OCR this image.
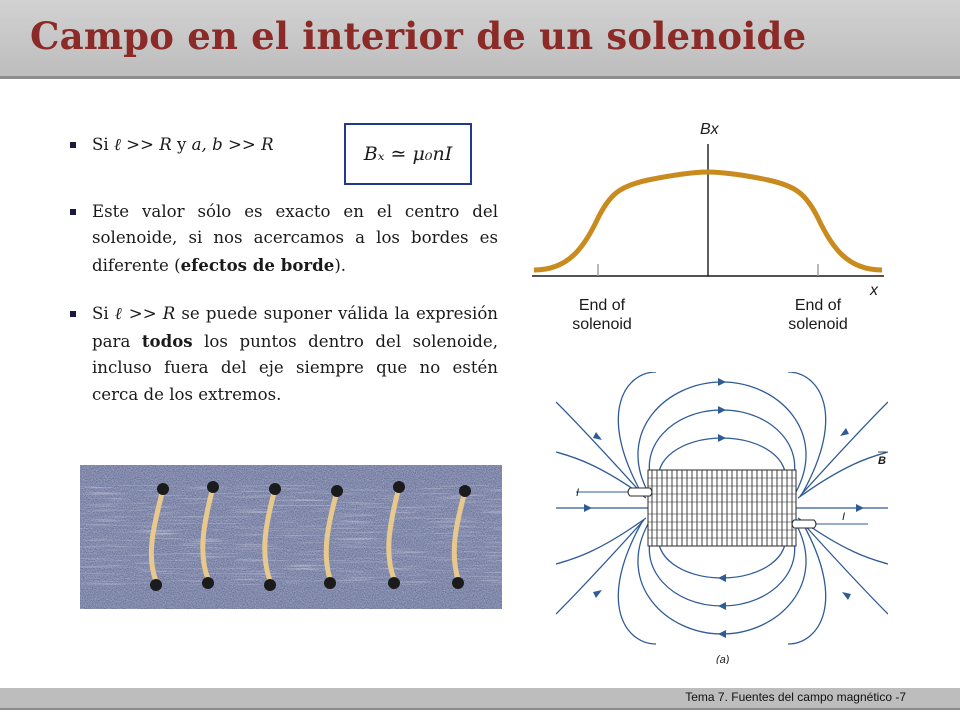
Campo en el interior de un solenoide
Si ℓ >> R y a, b >> R
Este valor sólo es exacto en el centro del solenoide, si nos acercamos a los bordes es diferente (efectos de borde).
Si ℓ >> R se puede suponer válida la expresión para todos los puntos dentro del solenoide, incluso fuera del eje siempre que no estén cerca de los extremos.
Bₓ ≃ μ₀nI
Bx
x
End of
solenoid
End of
solenoid
I
I
B
(a)
Tema 7. Fuentes del campo magnético -7
